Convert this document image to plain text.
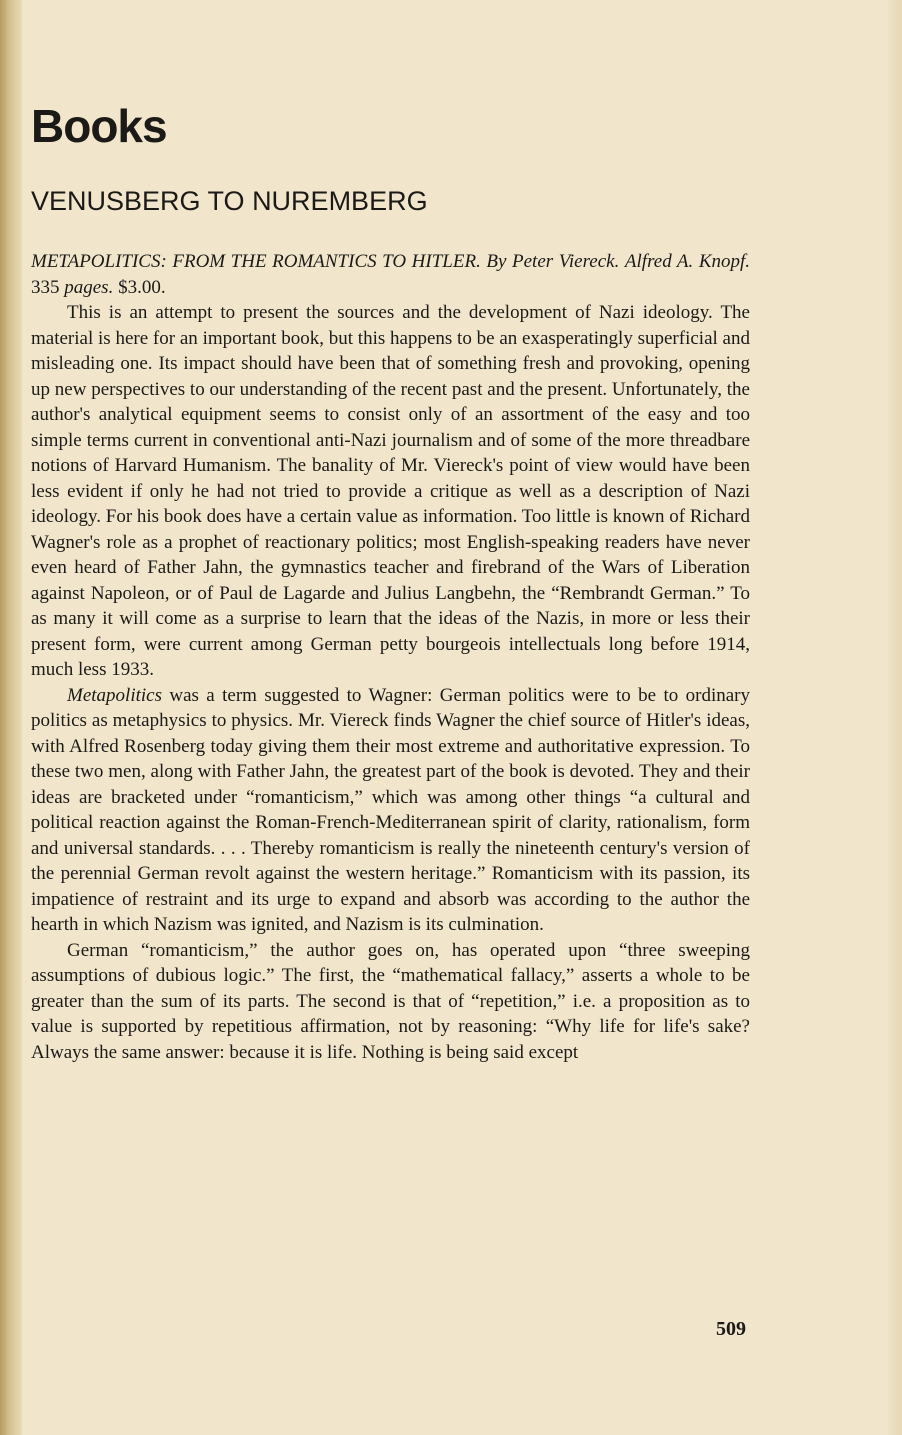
Books
VENUSBERG TO NUREMBERG

METAPOLITICS: FROM THE ROMANTICS TO HITLER. By Peter Viereck. Alfred A. Knopf. 335 pages. $3.00.

This is an attempt to present the sources and the development of Nazi ideology. The material is here for an important book, but this happens to be an exasperatingly superficial and misleading one. Its impact should have been that of something fresh and provoking, opening up new perspectives to our understanding of the recent past and the present. Unfortunately, the author's analytical equipment seems to consist only of an assortment of the easy and too simple terms current in conventional anti-Nazi journalism and of some of the more threadbare notions of Harvard Humanism. The banality of Mr. Viereck's point of view would have been less evident if only he had not tried to provide a critique as well as a description of Nazi ideology. For his book does have a certain value as information. Too little is known of Richard Wagner's role as a prophet of reactionary politics; most English-speaking readers have never even heard of Father Jahn, the gymnastics teacher and firebrand of the Wars of Liberation against Napoleon, or of Paul de Lagarde and Julius Langbehn, the “Rembrandt German.” To as many it will come as a surprise to learn that the ideas of the Nazis, in more or less their present form, were current among German petty bourgeois intellectuals long before 1914, much less 1933.

Metapolitics was a term suggested to Wagner: German politics were to be to ordinary politics as metaphysics to physics. Mr. Viereck finds Wagner the chief source of Hitler's ideas, with Alfred Rosenberg today giving them their most extreme and authoritative expression. To these two men, along with Father Jahn, the greatest part of the book is devoted. They and their ideas are bracketed under “romanticism,” which was among other things “a cultural and political reaction against the Roman-French-Mediterranean spirit of clarity, rationalism, form and universal standards. . . . Thereby romanticism is really the nineteenth century's version of the perennial German revolt against the western heritage.” Romanticism with its passion, its impatience of restraint and its urge to expand and absorb was according to the author the hearth in which Nazism was ignited, and Nazism is its culmination.

German “romanticism,” the author goes on, has operated upon “three sweeping assumptions of dubious logic.” The first, the “mathematical fallacy,” asserts a whole to be greater than the sum of its parts. The second is that of “repetition,” i.e. a proposition as to value is supported by repetitious affirmation, not by reasoning: “Why life for life's sake? Always the same answer: because it is life. Nothing is being said except

509
